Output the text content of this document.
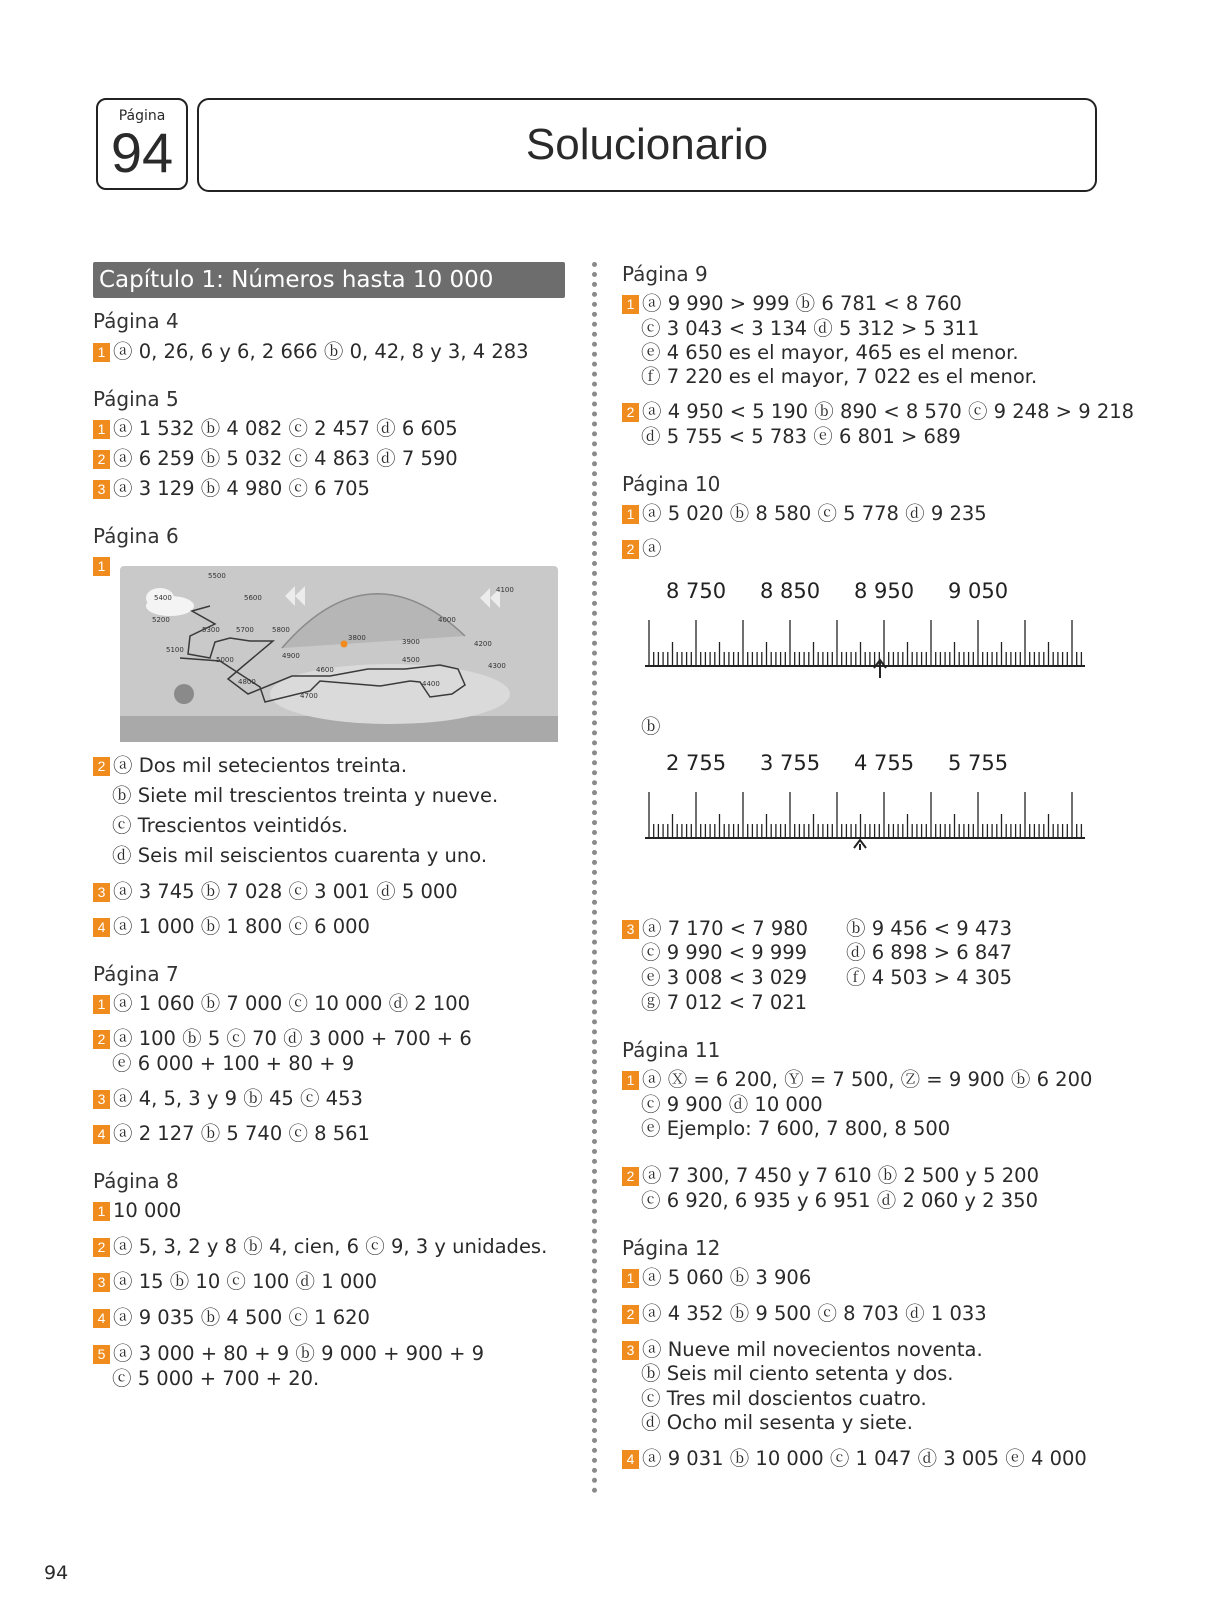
Página
94	Solucionario
Capítulo 1: Números hasta 10 000
Página 4
1 ⓐ 0, 26, 6 y 6, 2 666 ⓑ 0, 42, 8 y 3, 4 283
Página 5
1 ⓐ 1 532 ⓑ 4 082 ⓒ 2 457 ⓓ 6 605
2 ⓐ 6 259 ⓑ 5 032 ⓒ 4 863 ⓓ 7 590
3 ⓐ 3 129 ⓑ 4 980 ⓒ 6 705
Página 6
1
5500
5400	5600
5200
5300 5700	5800
5100
5000	4900
3800	3900
4000
4100
4200
4300
4800
4600
4500
4400
4700
2 ⓐ Dos mil setecientos treinta.
ⓑ Siete mil trescientos treinta y nueve.
ⓒ Trescientos veintidós.
ⓓ Seis mil seiscientos cuarenta y uno.
3 ⓐ 3 745 ⓑ 7 028 ⓒ 3 001 ⓓ 5 000
4 ⓐ 1 000 ⓑ 1 800 ⓒ 6 000
Página 7
1 ⓐ 1 060 ⓑ 7 000 ⓒ 10 000 ⓓ 2 100
2 ⓐ 100 ⓑ 5 ⓒ 70 ⓓ 3 000 + 700 + 6
ⓔ 6 000 + 100 + 80 + 9
3 ⓐ 4, 5, 3 y 9 ⓑ 45 ⓒ 453
4 ⓐ 2 127 ⓑ 5 740 ⓒ 8 561
Página 8
1 10 000
2 ⓐ 5, 3, 2 y 8 ⓑ 4, cien, 6 ⓒ 9, 3 y unidades.
3 ⓐ 15 ⓑ 10 ⓒ 100 ⓓ 1 000
4 ⓐ 9 035 ⓑ 4 500 ⓒ 1 620
5 ⓐ 3 000 + 80 + 9 ⓑ 9 000 + 900 + 9
ⓒ 5 000 + 700 + 20.
Página 9
1 ⓐ 9 990 > 999 ⓑ 6 781 < 8 760
ⓒ 3 043 < 3 134 ⓓ 5 312 > 5 311
ⓔ 4 650 es el mayor, 465 es el menor.
ⓕ 7 220 es el mayor, 7 022 es el menor.
2 ⓐ 4 950 < 5 190 ⓑ 890 < 8 570 ⓒ 9 248 > 9 218
ⓓ 5 755 < 5 783 ⓔ 6 801 > 689
Página 10
1 ⓐ 5 020 ⓑ 8 580 ⓒ 5 778 ⓓ 9 235
2 ⓐ
8 750 8 850 8 950 9 050
ⓑ
2 755 3 755 4 755 5 755
3 ⓐ 7 170 < 7 980 ⓑ 9 456 < 9 473
ⓒ 9 990 < 9 999 ⓓ 6 898 > 6 847
ⓔ 3 008 < 3 029 ⓕ 4 503 > 4 305
ⓖ 7 012 < 7 021
Página 11
1 ⓐ Ⓧ = 6 200, Ⓨ = 7 500, Ⓩ = 9 900 ⓑ 6 200
ⓒ 9 900 ⓓ 10 000
ⓔ Ejemplo: 7 600, 7 800, 8 500
2 ⓐ 7 300, 7 450 y 7 610 ⓑ 2 500 y 5 200
ⓒ 6 920, 6 935 y 6 951 ⓓ 2 060 y 2 350
Página 12
1 ⓐ 5 060 ⓑ 3 906
2 ⓐ 4 352 ⓑ 9 500 ⓒ 8 703 ⓓ 1 033
3 ⓐ Nueve mil novecientos noventa.
ⓑ Seis mil ciento setenta y dos.
ⓒ Tres mil doscientos cuatro.
ⓓ Ocho mil sesenta y siete.
4 ⓐ 9 031 ⓑ 10 000 ⓒ 1 047 ⓓ 3 005 ⓔ 4 000
94
